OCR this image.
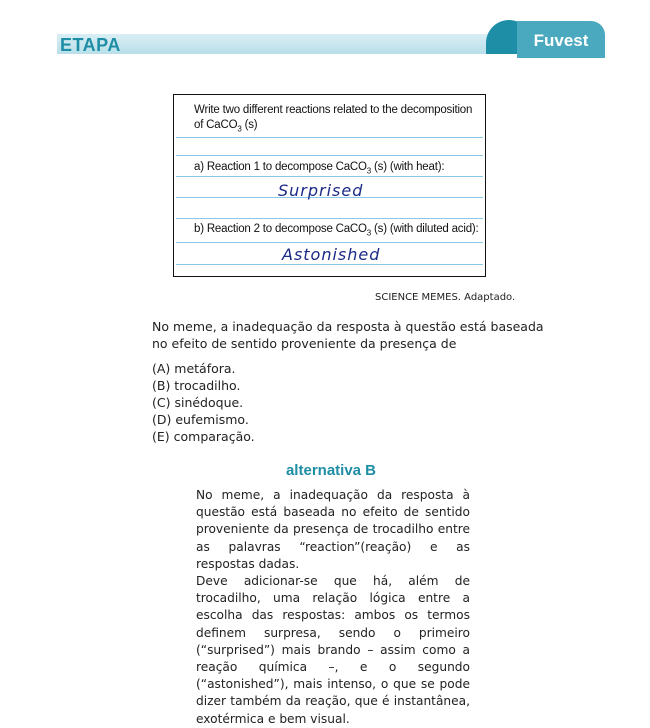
ETAPA	Fuvest
Write two different reactions related to the decomposition
of CaCO$_3$ (s)
a) Reaction 1 to decompose CaCO$_3$ (s) (with heat):
Surprised
b) Reaction 2 to decompose CaCO$_3$ (s) (with diluted acid):
Astonished
SCIENCE MEMES. Adaptado.
No meme, a inadequação da resposta à questão está baseada
no efeito de sentido proveniente da presença de
(A) metáfora.
(B) trocadilho.
(C) sinédoque.
(D) eufemismo.
(E) comparação.
alternativa B

No meme, a inadequação da resposta à questão está baseada no efeito de sentido proveniente da presença de trocadilho entre as palavras “reaction”(reação) e as respostas dadas.

Deve adicionar-se que há, além de trocadilho, uma relação lógica entre a escolha das respostas: ambos os termos definem surpresa, sendo o primeiro (“surprised”) mais brando – assim como a reação química –, e o segundo (“astonished”), mais intenso, o que se pode dizer também da reação, que é instantânea, exotérmica e bem visual.
